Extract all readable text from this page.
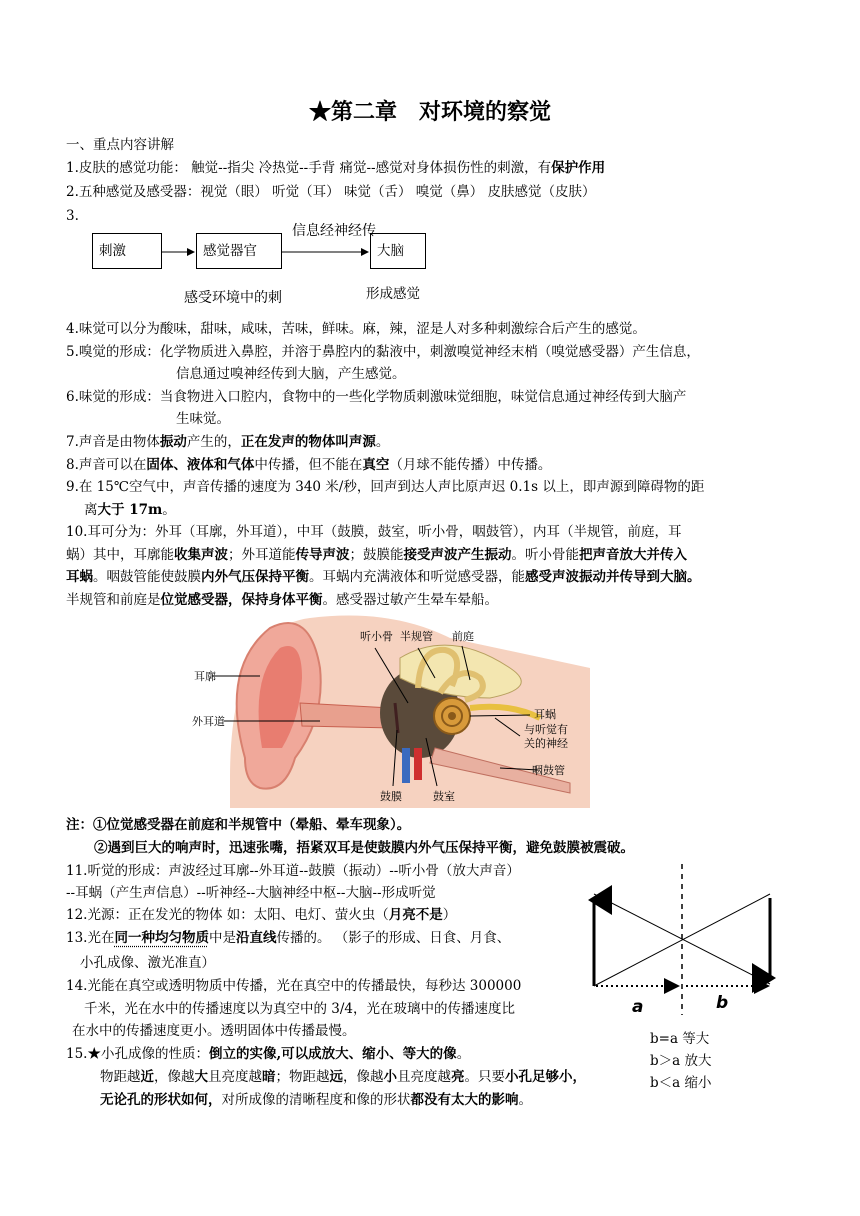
★第二章　对环境的察觉
一、重点内容讲解
1.皮肤的感觉功能： 触觉--指尖 冷热觉--手背 痛觉--感觉对身体损伤性的刺激，有保护作用
2.五种感觉及感受器：视觉（眼） 听觉（耳） 味觉（舌） 嗅觉（鼻） 皮肤感觉（皮肤）
3.
刺激	感觉器官	大脑
信息经神经传
感受环境中的刺	形成感觉
4.味觉可以分为酸味，甜味，咸味，苦味，鲜味。麻，辣，涩是人对多种刺激综合后产生的感觉。
5.嗅觉的形成：化学物质进入鼻腔，并溶于鼻腔内的黏液中，刺激嗅觉神经末梢（嗅觉感受器）产生信息，
信息通过嗅神经传到大脑，产生感觉。
6.味觉的形成：当食物进入口腔内，食物中的一些化学物质刺激味觉细胞，味觉信息通过神经传到大脑产
生味觉。
7.声音是由物体振动产生的，正在发声的物体叫声源。
8.声音可以在固体、液体和气体中传播，但不能在真空（月球不能传播）中传播。
9.在 15℃空气中，声音传播的速度为 340 米/秒，回声到达人声比原声迟 0.1s 以上，即声源到障碍物的距
离大于 17m。
10.耳可分为：外耳（耳廓，外耳道），中耳（鼓膜，鼓室，听小骨，咽鼓管），内耳（半规管，前庭，耳
蜗）其中，耳廓能收集声波；外耳道能传导声波；鼓膜能接受声波产生振动。听小骨能把声音放大并传入
耳蜗。咽鼓管能使鼓膜内外气压保持平衡。耳蜗内充满液体和听觉感受器，能感受声波振动并传导到大脑。
半规管和前庭是位觉感受器，保持身体平衡。感受器过敏产生晕车晕船。
耳廓
外耳道
听小骨 半规管 前庭
耳蜗
与听觉有
关的神经
咽鼓管
鼓膜	鼓室
注：①位觉感受器在前庭和半规管中（晕船、晕车现象）。
②遇到巨大的响声时，迅速张嘴，捂紧双耳是使鼓膜内外气压保持平衡，避免鼓膜被震破。
11.听觉的形成：声波经过耳廓--外耳道--鼓膜（振动）--听小骨（放大声音）
--耳蜗（产生声信息）--听神经--大脑神经中枢--大脑--形成听觉
12.光源：正在发光的物体 如：太阳、电灯、萤火虫（月亮不是）
13.光在同一种均匀物质中是沿直线传播的。 （影子的形成、日食、月食、
小孔成像、激光准直）
14.光能在真空或透明物质中传播，光在真空中的传播最快，每秒达 300000
千米，光在水中的传播速度以为真空中的 3/4，光在玻璃中的传播速度比
在水中的传播速度更小。透明固体中传播最慢。
15.★小孔成像的性质：倒立的实像,可以成放大、缩小、等大的像。
物距越近，像越大且亮度越暗；物距越远，像越小且亮度越亮。只要小孔足够小，
无论孔的形状如何，对所成像的清晰程度和像的形状都没有太大的影响。
a	b
b=a 等大
b＞a 放大
b＜a 缩小
